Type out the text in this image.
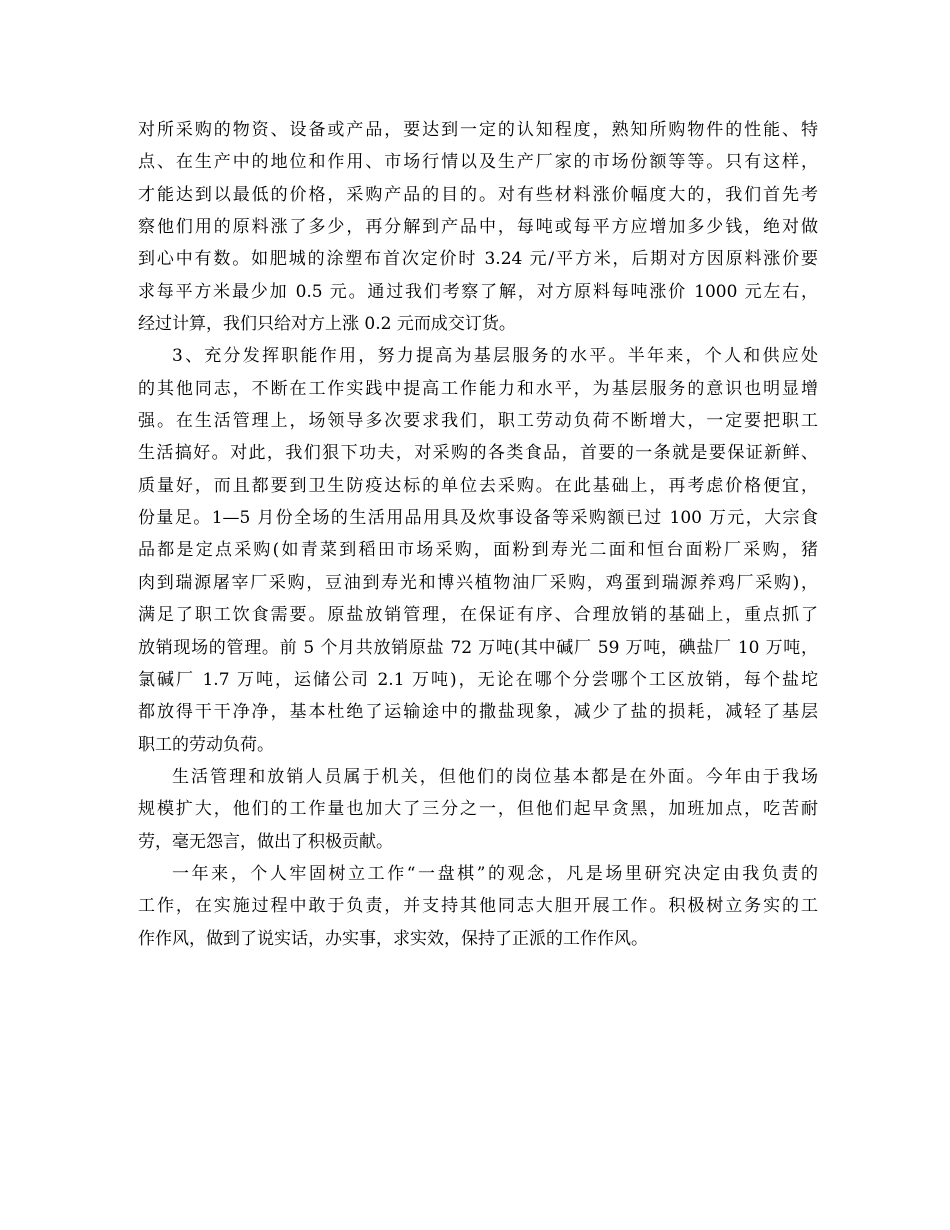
对所采购的物资、设备或产品，要达到一定的认知程度，熟知所购物件的性能、特
点、在生产中的地位和作用、市场行情以及生产厂家的市场份额等等。只有这样，
才能达到以最低的价格，采购产品的目的。对有些材料涨价幅度大的，我们首先考
察他们用的原料涨了多少，再分解到产品中，每吨或每平方应增加多少钱，绝对做
到心中有数。如肥城的涂塑布首次定价时 3.24 元/平方米，后期对方因原料涨价要
求每平方米最少加 0.5 元。通过我们考察了解，对方原料每吨涨价 1000 元左右，
经过计算，我们只给对方上涨 0.2 元而成交订货。
3、充分发挥职能作用，努力提高为基层服务的水平。半年来，个人和供应处
的其他同志，不断在工作实践中提高工作能力和水平，为基层服务的意识也明显增
强。在生活管理上，场领导多次要求我们，职工劳动负荷不断增大，一定要把职工
生活搞好。对此，我们狠下功夫，对采购的各类食品，首要的一条就是要保证新鲜、
质量好，而且都要到卫生防疫达标的单位去采购。在此基础上，再考虑价格便宜，
份量足。1—5 月份全场的生活用品用具及炊事设备等采购额已过 100 万元，大宗食
品都是定点采购(如青菜到稻田市场采购，面粉到寿光二面和恒台面粉厂采购，猪
肉到瑞源屠宰厂采购，豆油到寿光和博兴植物油厂采购，鸡蛋到瑞源养鸡厂采购)，
满足了职工饮食需要。原盐放销管理，在保证有序、合理放销的基础上，重点抓了
放销现场的管理。前 5 个月共放销原盐 72 万吨(其中碱厂 59 万吨，碘盐厂 10 万吨，
氯碱厂 1.7 万吨，运储公司 2.1 万吨)，无论在哪个分尝哪个工区放销，每个盐坨
都放得干干净净，基本杜绝了运输途中的撒盐现象，减少了盐的损耗，减轻了基层
职工的劳动负荷。
生活管理和放销人员属于机关，但他们的岗位基本都是在外面。今年由于我场
规模扩大，他们的工作量也加大了三分之一，但他们起早贪黑，加班加点，吃苦耐
劳，毫无怨言，做出了积极贡献。
一年来，个人牢固树立工作“一盘棋”的观念，凡是场里研究决定由我负责的
工作，在实施过程中敢于负责，并支持其他同志大胆开展工作。积极树立务实的工
作作风，做到了说实话，办实事，求实效，保持了正派的工作作风。
